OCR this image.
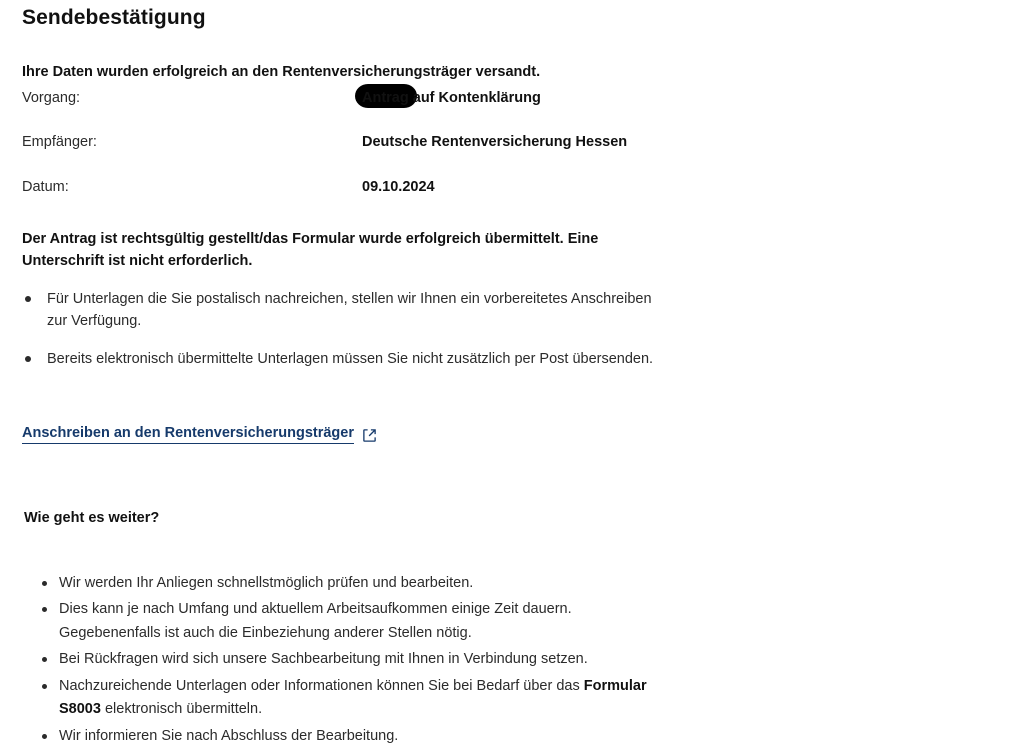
Sendebestätigung
Ihre Daten wurden erfolgreich an den Rentenversicherungsträger versandt.
Vorgang:	Antrag auf Kontenklärung
Empfänger:	Deutsche Rentenversicherung Hessen
Datum:	09.10.2024
Der Antrag ist rechtsgültig gestellt/das Formular wurde erfolgreich übermittelt. Eine Unterschrift ist nicht erforderlich.
Für Unterlagen die Sie postalisch nachreichen, stellen wir Ihnen ein vorbereitetes Anschreiben zur Verfügung.
Bereits elektronisch übermittelte Unterlagen müssen Sie nicht zusätzlich per Post übersenden.
Anschreiben an den Rentenversicherungsträger
Wie geht es weiter?
Wir werden Ihr Anliegen schnellstmöglich prüfen und bearbeiten.
Dies kann je nach Umfang und aktuellem Arbeitsaufkommen einige Zeit dauern. Gegebenenfalls ist auch die Einbeziehung anderer Stellen nötig.
Bei Rückfragen wird sich unsere Sachbearbeitung mit Ihnen in Verbindung setzen.
Nachzureichende Unterlagen oder Informationen können Sie bei Bedarf über das Formular S8003 elektronisch übermitteln.
Wir informieren Sie nach Abschluss der Bearbeitung.
